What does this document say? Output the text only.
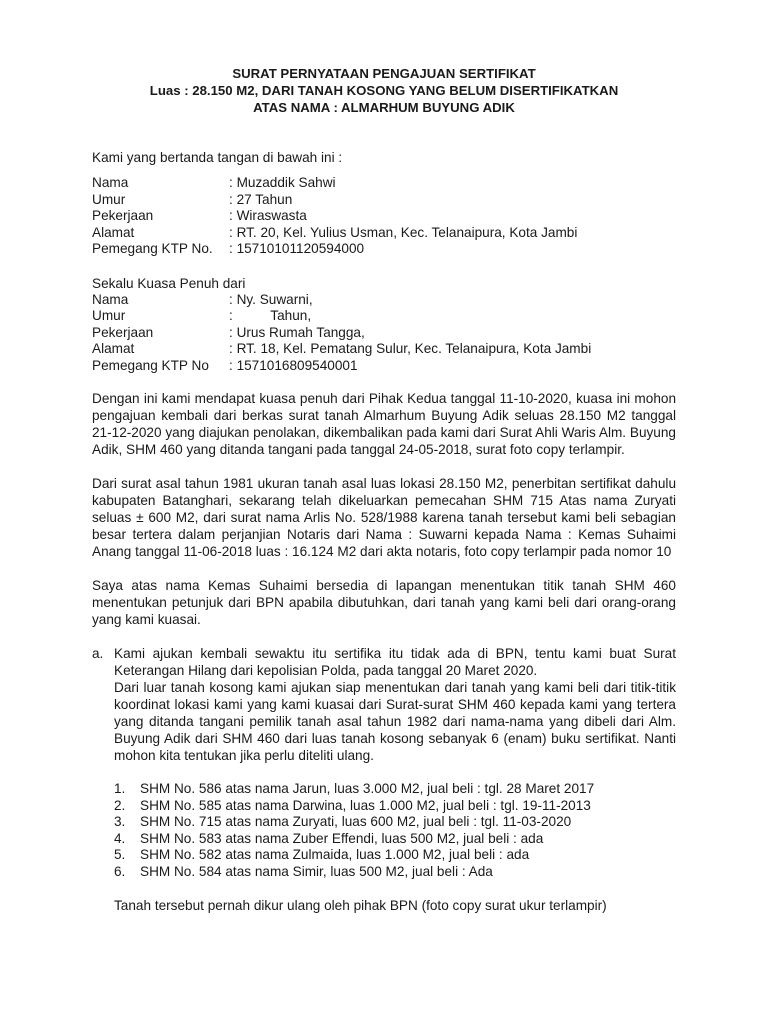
SURAT PERNYATAAN PENGAJUAN SERTIFIKAT

Luas : 28.150 M2, DARI TANAH KOSONG YANG BELUM DISERTIFIKATKAN

ATAS NAMA : ALMARHUM BUYUNG ADIK

Kami yang bertanda tangan di bawah ini :

Nama	: Muzaddik Sahwi
Umur	: 27 Tahun
Pekerjaan	: Wiraswasta
Alamat	: RT. 20, Kel. Yulius Usman, Kec. Telanaipura, Kota Jambi
Pemegang KTP No.	: 15710101120594000

Sekalu Kuasa Penuh dari

Nama	: Ny. Suwarni,
Umur	:          Tahun,
Pekerjaan	: Urus Rumah Tangga,
Alamat	: RT. 18, Kel. Pematang Sulur, Kec. Telanaipura, Kota Jambi
Pemegang KTP No	: 1571016809540001

Dengan ini kami mendapat kuasa penuh dari Pihak Kedua tanggal 11-10-2020, kuasa ini mohon pengajuan kembali dari berkas surat tanah Almarhum Buyung Adik seluas 28.150 M2 tanggal 21-12-2020 yang diajukan penolakan, dikembalikan pada kami dari Surat Ahli Waris Alm. Buyung Adik, SHM 460 yang ditanda tangani pada tanggal 24-05-2018, surat foto copy terlampir.

Dari surat asal tahun 1981 ukuran tanah asal luas lokasi 28.150 M2, penerbitan sertifikat dahulu kabupaten Batanghari, sekarang telah dikeluarkan pemecahan SHM 715 Atas nama Zuryati seluas ± 600 M2, dari surat nama Arlis No. 528/1988 karena tanah tersebut kami beli sebagian besar tertera dalam perjanjian Notaris dari Nama : Suwarni kepada Nama : Kemas Suhaimi Anang tanggal 11-06-2018 luas : 16.124 M2 dari akta notaris, foto copy terlampir pada nomor 10

Saya atas nama Kemas Suhaimi bersedia di lapangan menentukan titik tanah SHM 460 menentukan petunjuk dari BPN apabila dibutuhkan, dari tanah yang kami beli dari orang-orang yang kami kuasai.

a. Kami ajukan kembali sewaktu itu sertifika itu tidak ada di BPN, tentu kami buat Surat Keterangan Hilang dari kepolisian Polda, pada tanggal 20 Maret 2020.
Dari luar tanah kosong kami ajukan siap menentukan dari tanah yang kami beli dari titik-titik koordinat lokasi kami yang kami kuasai dari Surat-surat SHM 460 kepada kami yang tertera yang ditanda tangani pemilik tanah asal tahun 1982 dari nama-nama yang dibeli dari Alm. Buyung Adik dari SHM 460 dari luas tanah kosong sebanyak 6 (enam) buku sertifikat. Nanti mohon kita tentukan jika perlu diteliti ulang.
1.	SHM No. 586 atas nama Jarun, luas 3.000 M2, jual beli : tgl. 28 Maret 2017
2.	SHM No. 585 atas nama Darwina, luas 1.000 M2, jual beli : tgl. 19-11-2013
3.	SHM No. 715 atas nama Zuryati, luas 600 M2, jual beli : tgl. 11-03-2020
4.	SHM No. 583 atas nama Zuber Effendi, luas 500 M2, jual beli : ada
5.	SHM No. 582 atas nama Zulmaida, luas 1.000 M2, jual beli : ada
6.	SHM No. 584 atas nama Simir, luas 500 M2, jual beli : Ada
Tanah tersebut pernah dikur ulang oleh pihak BPN (foto copy surat ukur terlampir)
